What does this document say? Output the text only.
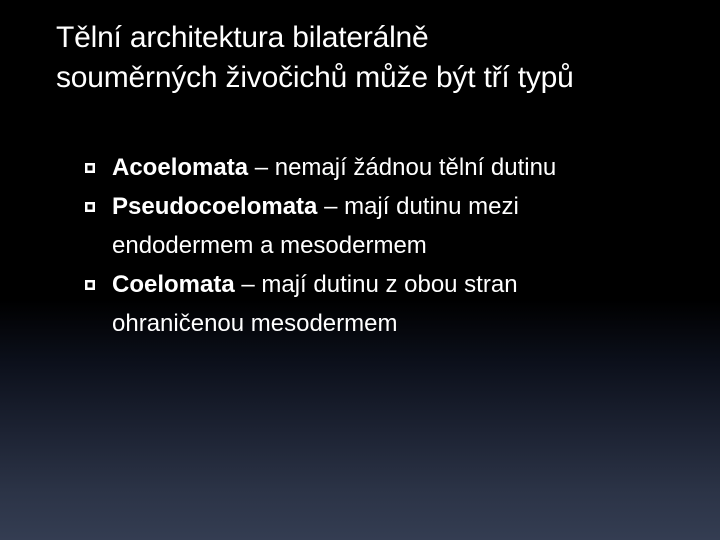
Tělní architektura bilaterálně
souměrných živočichů může být tří typů
Acoelomata – nemají žádnou tělní dutinu
Pseudocoelomata – mají dutinu mezi
endodermem a mesodermem
Coelomata – mají dutinu z obou stran
ohraničenou mesodermem
